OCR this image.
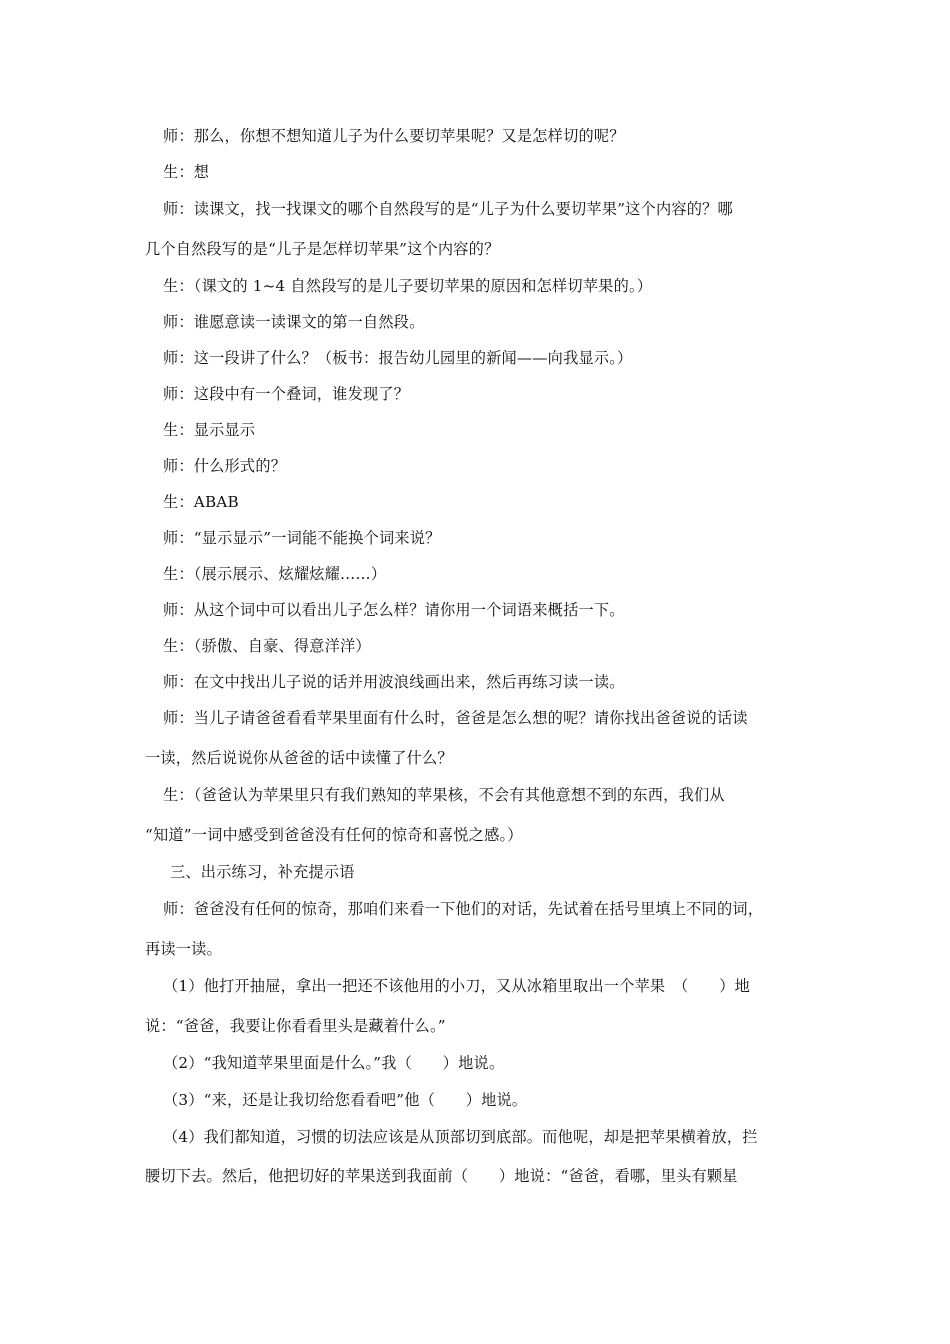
师：那么，你想不想知道儿子为什么要切苹果呢？又是怎样切的呢？
生：想
师：读课文，找一找课文的哪个自然段写的是“儿子为什么要切苹果”这个内容的？哪
几个自然段写的是“儿子是怎样切苹果”这个内容的？
生：（课文的 1~4 自然段写的是儿子要切苹果的原因和怎样切苹果的。）
师：谁愿意读一读课文的第一自然段。
师：这一段讲了什么？（板书：报告幼儿园里的新闻——向我显示。）
师：这段中有一个叠词，谁发现了？
生：显示显示
师：什么形式的？
生：ABAB
师：“显示显示”一词能不能换个词来说？
生：（展示展示、炫耀炫耀……）
师：从这个词中可以看出儿子怎么样？请你用一个词语来概括一下。
生：（骄傲、自豪、得意洋洋）
师：在文中找出儿子说的话并用波浪线画出来，然后再练习读一读。
师：当儿子请爸爸看看苹果里面有什么时，爸爸是怎么想的呢？请你找出爸爸说的话读
一读，然后说说你从爸爸的话中读懂了什么？
生：（爸爸认为苹果里只有我们熟知的苹果核，不会有其他意想不到的东西，我们从
“知道”一词中感受到爸爸没有任何的惊奇和喜悦之感。）
三、出示练习，补充提示语
师：爸爸没有任何的惊奇，那咱们来看一下他们的对话，先试着在括号里填上不同的词，
再读一读。
（1）他打开抽屉，拿出一把还不该他用的小刀，又从冰箱里取出一个苹果　（　　）地
说：“爸爸，我要让你看看里头是藏着什么。”
（2）“我知道苹果里面是什么。”我（　　）地说。
（3）“来，还是让我切给您看看吧”他（　　）地说。
（4）我们都知道，习惯的切法应该是从顶部切到底部。而他呢，却是把苹果横着放，拦
腰切下去。然后，他把切好的苹果送到我面前（　　）地说：“爸爸，看哪，里头有颗星
